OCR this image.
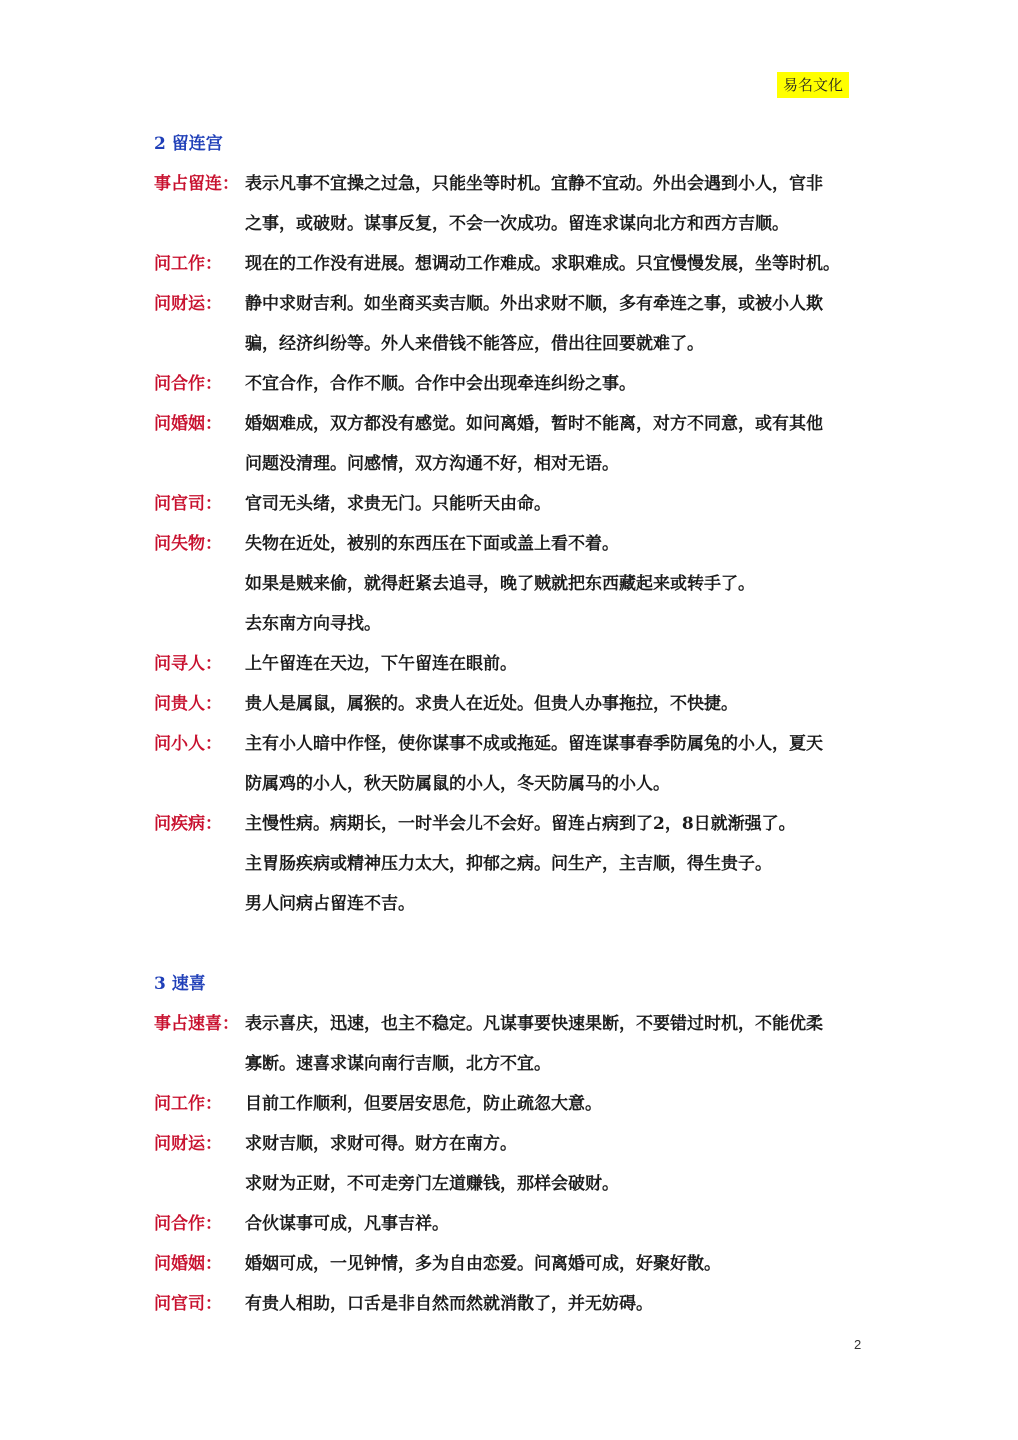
易名文化
2 留连宫
事占留连： 表示凡事不宜操之过急，只能坐等时机。宜静不宜动。外出会遇到小人，官非
之事，或破财。谋事反复，不会一次成功。留连求谋向北方和西方吉顺。
问工作： 现在的工作没有进展。想调动工作难成。求职难成。只宜慢慢发展，坐等时机。
问财运： 静中求财吉利。如坐商买卖吉顺。外出求财不顺，多有牵连之事，或被小人欺
骗，经济纠纷等。外人来借钱不能答应，借出往回要就难了。
问合作： 不宜合作，合作不顺。合作中会出现牵连纠纷之事。
问婚姻： 婚姻难成，双方都没有感觉。如问离婚，暂时不能离，对方不同意，或有其他
问题没清理。问感情，双方沟通不好，相对无语。
问官司： 官司无头绪，求贵无门。只能听天由命。
问失物： 失物在近处，被别的东西压在下面或盖上看不着。
如果是贼来偷，就得赶紧去追寻，晚了贼就把东西藏起来或转手了。
去东南方向寻找。
问寻人： 上午留连在天边，下午留连在眼前。
问贵人： 贵人是属鼠，属猴的。求贵人在近处。但贵人办事拖拉，不快捷。
问小人： 主有小人暗中作怪，使你谋事不成或拖延。留连谋事春季防属兔的小人，夏天
防属鸡的小人，秋天防属鼠的小人，冬天防属马的小人。
问疾病： 主慢性病。病期长，一时半会儿不会好。留连占病到了2，8日就渐强了。
主胃肠疾病或精神压力太大，抑郁之病。问生产，主吉顺，得生贵子。
男人问病占留连不吉。
3 速喜
事占速喜： 表示喜庆，迅速，也主不稳定。凡谋事要快速果断，不要错过时机，不能优柔
寡断。速喜求谋向南行吉顺，北方不宜。
问工作： 目前工作顺利，但要居安思危，防止疏忽大意。
问财运： 求财吉顺，求财可得。财方在南方。
求财为正财，不可走旁门左道赚钱，那样会破财。
问合作： 合伙谋事可成，凡事吉祥。
问婚姻： 婚姻可成，一见钟情，多为自由恋爱。问离婚可成，好聚好散。
问官司： 有贵人相助，口舌是非自然而然就消散了，并无妨碍。
2
